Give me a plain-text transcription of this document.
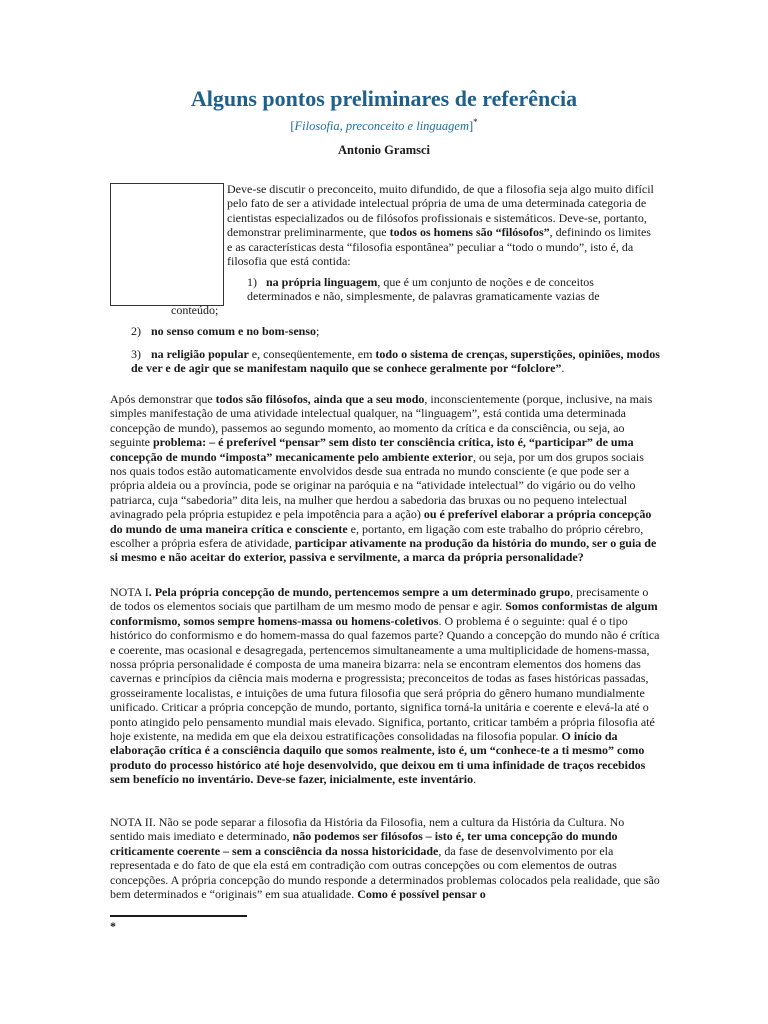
Alguns pontos preliminares de referência
[Filosofia, preconceito e linguagem]*
Antonio Gramsci
Deve-se discutir o preconceito, muito difundido, de que a filosofia seja algo muito difícil pelo fato de ser a atividade intelectual própria de uma de uma determinada categoria de cientistas especializados ou de filósofos profissionais e sistemáticos. Deve-se, portanto, demonstrar preliminarmente, que todos os homens são “filósofos”, definindo os limites e as características desta “filosofia espontânea” peculiar a “todo o mundo”, isto é, da filosofia que está contida:
1) na própria linguagem, que é um conjunto de noções e de conceitos determinados e não, simplesmente, de palavras gramaticamente vazias de
conteúdo;
2) no senso comum e no bom-senso;
3) na religião popular e, conseqüentemente, em todo o sistema de crenças, superstições, opiniões, modos de ver e de agir que se manifestam naquilo que se conhece geralmente por “folclore”.
Após demonstrar que todos são filósofos, ainda que a seu modo, inconscientemente (porque, inclusive, na mais simples manifestação de uma atividade intelectual qualquer, na “linguagem”, está contida uma determinada concepção de mundo), passemos ao segundo momento, ao momento da crítica e da consciência, ou seja, ao seguinte problema: – é preferível “pensar” sem disto ter consciência crítica, isto é, “participar” de uma concepção de mundo “imposta” mecanicamente pelo ambiente exterior, ou seja, por um dos grupos sociais nos quais todos estão automaticamente envolvidos desde sua entrada no mundo consciente (e que pode ser a própria aldeia ou a província, pode se originar na paróquia e na “atividade intelectual” do vigário ou do velho patriarca, cuja “sabedoria” dita leis, na mulher que herdou a sabedoria das bruxas ou no pequeno intelectual avinagrado pela própria estupidez e pela impotência para a ação) ou é preferível elaborar a própria concepção do mundo de uma maneira crítica e consciente e, portanto, em ligação com este trabalho do próprio cérebro, escolher a própria esfera de atividade, participar ativamente na produção da história do mundo, ser o guia de si mesmo e não aceitar do exterior, passiva e servilmente, a marca da própria personalidade?
NOTA I. Pela própria concepção de mundo, pertencemos sempre a um determinado grupo, precisamente o de todos os elementos sociais que partilham de um mesmo modo de pensar e agir. Somos conformistas de algum conformismo, somos sempre homens-massa ou homens-coletivos. O problema é o seguinte: qual é o tipo histórico do conformismo e do homem-massa do qual fazemos parte? Quando a concepção do mundo não é crítica e coerente, mas ocasional e desagregada, pertencemos simultaneamente a uma multiplicidade de homens-massa, nossa própria personalidade é composta de uma maneira bizarra: nela se encontram elementos dos homens das cavernas e princípios da ciência mais moderna e progressista; preconceitos de todas as fases históricas passadas, grosseiramente localistas, e intuições de uma futura filosofia que será própria do gênero humano mundialmente unificado. Criticar a própria concepção de mundo, portanto, significa torná-la unitária e coerente e elevá-la até o ponto atingido pelo pensamento mundial mais elevado. Significa, portanto, criticar também a própria filosofia até hoje existente, na medida em que ela deixou estratificações consolidadas na filosofia popular. O início da elaboração crítica é a consciência daquilo que somos realmente, isto é, um “conhece-te a ti mesmo” como produto do processo histórico até hoje desenvolvido, que deixou em ti uma infinidade de traços recebidos sem benefício no inventário. Deve-se fazer, inicialmente, este inventário.
NOTA II. Não se pode separar a filosofia da História da Filosofia, nem a cultura da História da Cultura. No sentido mais imediato e determinado, não podemos ser filósofos – isto é, ter uma concepção do mundo criticamente coerente – sem a consciência da nossa historicidade, da fase de desenvolvimento por ela representada e do fato de que ela está em contradição com outras concepções ou com elementos de outras concepções. A própria concepção do mundo responde a determinados problemas colocados pela realidade, que são bem determinados e “originais” em sua atualidade. Como é possível pensar o
*
